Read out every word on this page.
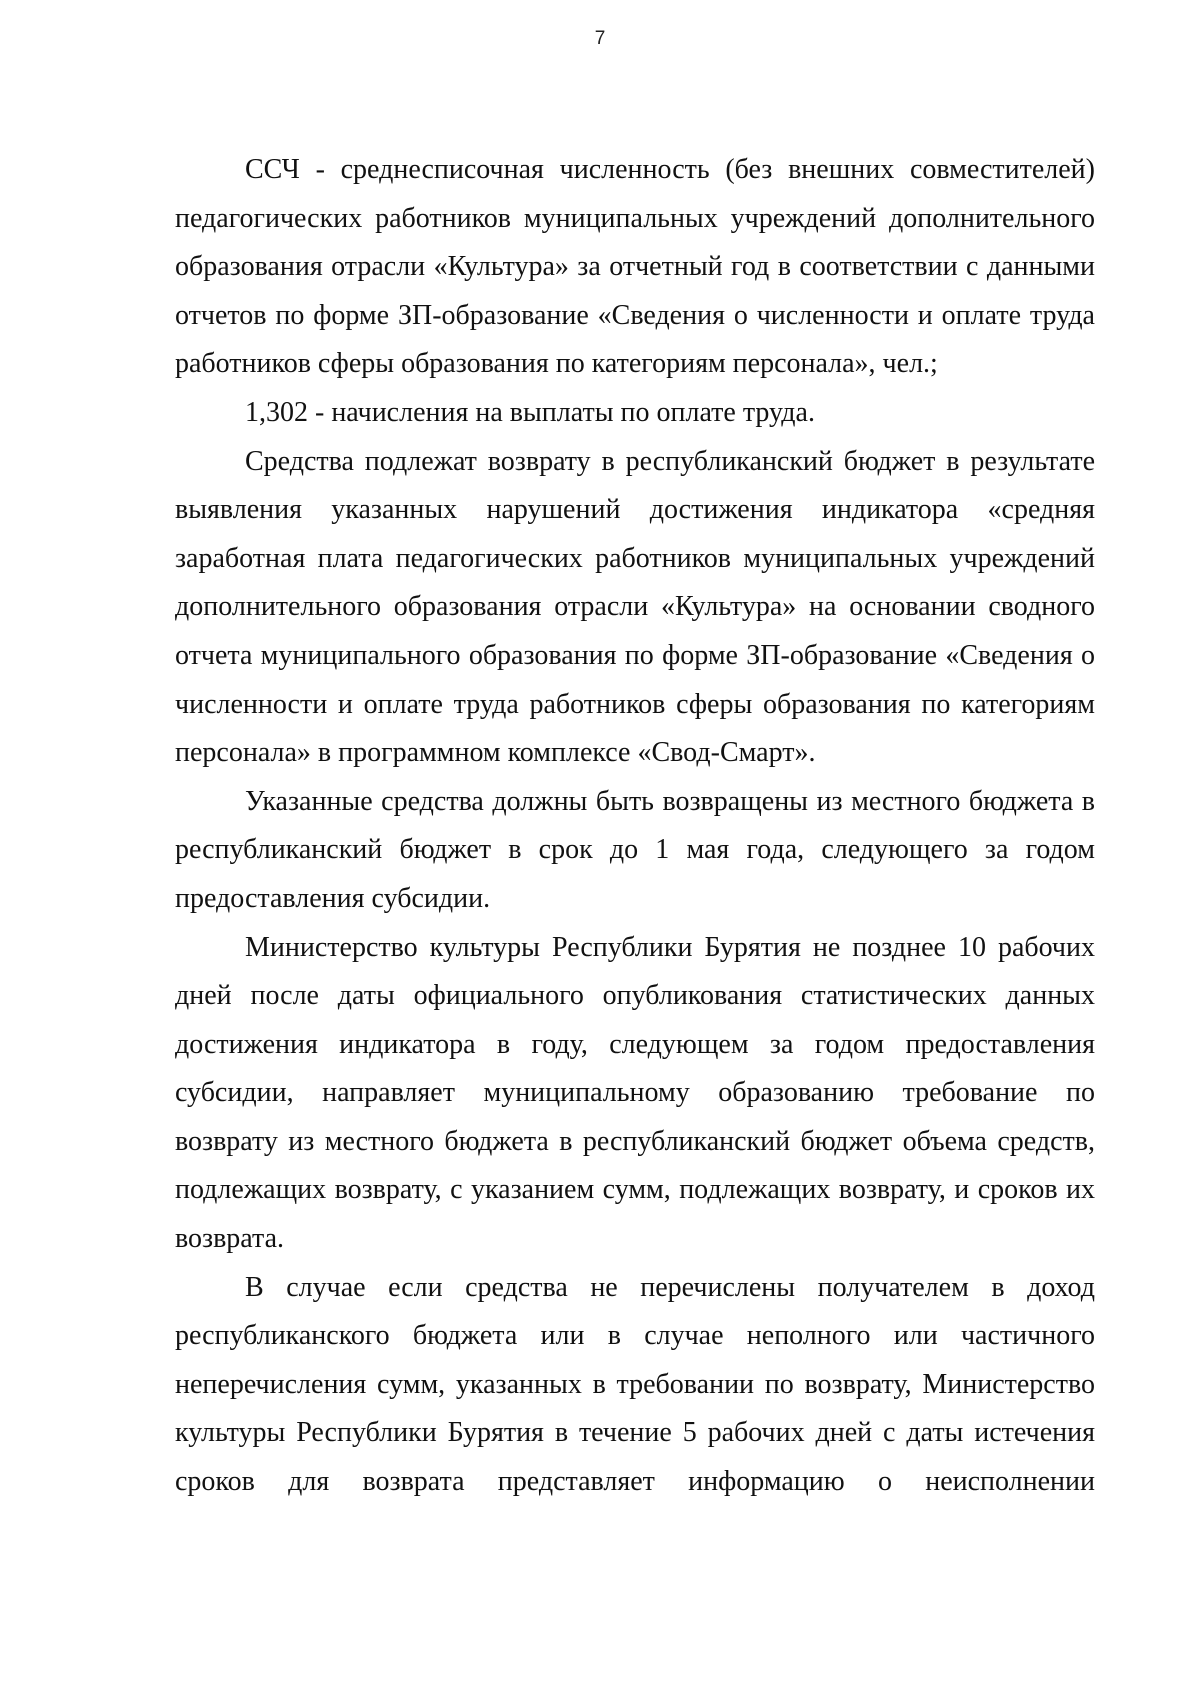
7

ССЧ - среднесписочная численность (без внешних совместителей) педагогических работников муниципальных учреждений дополнительного образования отрасли «Культура» за отчетный год в соответствии с данными отчетов по форме ЗП-образование «Сведения о численности и оплате труда работников сферы образования по категориям персонала», чел.;

1,302 - начисления на выплаты по оплате труда.

Средства подлежат возврату в республиканский бюджет в результате выявления указанных нарушений достижения индикатора «средняя заработная плата педагогических работников муниципальных учреждений дополнительного образования отрасли «Культура» на основании сводного отчета муниципального образования по форме ЗП-образование «Сведения о численности и оплате труда работников сферы образования по категориям персонала» в программном комплексе «Свод-Смарт».

Указанные средства должны быть возвращены из местного бюджета в республиканский бюджет в срок до 1 мая года, следующего за годом предоставления субсидии.

Министерство культуры Республики Бурятия не позднее 10 рабочих дней после даты официального опубликования статистических данных достижения индикатора в году, следующем за годом предоставления субсидии, направляет муниципальному образованию требование по возврату из местного бюджета в республиканский бюджет объема средств, подлежащих возврату, с указанием сумм, подлежащих возврату, и сроков их возврата.

В случае если средства не перечислены получателем в доход республиканского бюджета или в случае неполного или частичного неперечисления сумм, указанных в требовании по возврату, Министерство культуры Республики Бурятия в течение 5 рабочих дней с даты истечения сроков для возврата представляет информацию о неисполнении
